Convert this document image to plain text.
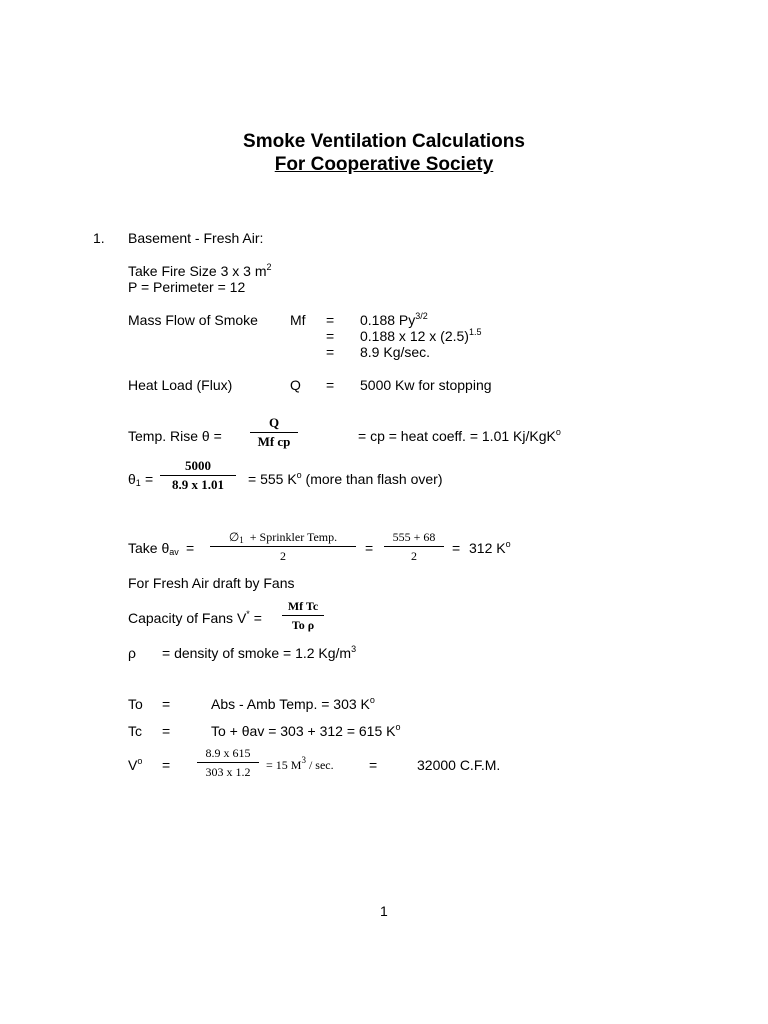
Smoke Ventilation Calculations
For Cooperative Society
1. Basement - Fresh Air:
Take Fire Size 3 x 3 $m^2$
P = Perimeter = 12
Mass Flow of Smoke Mf = 0.188 $Py^{3/2}$
= 0.188 x 12 x $(2.5)^{1.5}$
= 8.9 Kg/sec.
Heat Load (Flux)	Q = 5000 Kw for stopping
Temp. Rise θ =
Q
Mf cp	= cp = heat coeff. = 1.01 Kj/KgK$^o$
$\theta_1$ =
5000
8.9 x 1.01	= 555 $K^o$ (more than flash over)
Take $\theta_{av}$ =
$\emptyset_1$ + Sprinkler Temp.
2	=
555 + 68
2	= 312 $K^o$
For Fresh Air draft by Fans
Capacity of Fans V* =
Mf Tc
To ρ
ρ = density of smoke = 1.2 $Kg/m^3$
To =	Abs - Amb Temp. = 303 $K^o$
Tc =	To + θav = 303 + 312 = 615 $K^o$
$V^o$ =
8.9 x 615
303 x 1.2	= 15 $M^3$ / sec.	=	32000 C.F.M.
1
